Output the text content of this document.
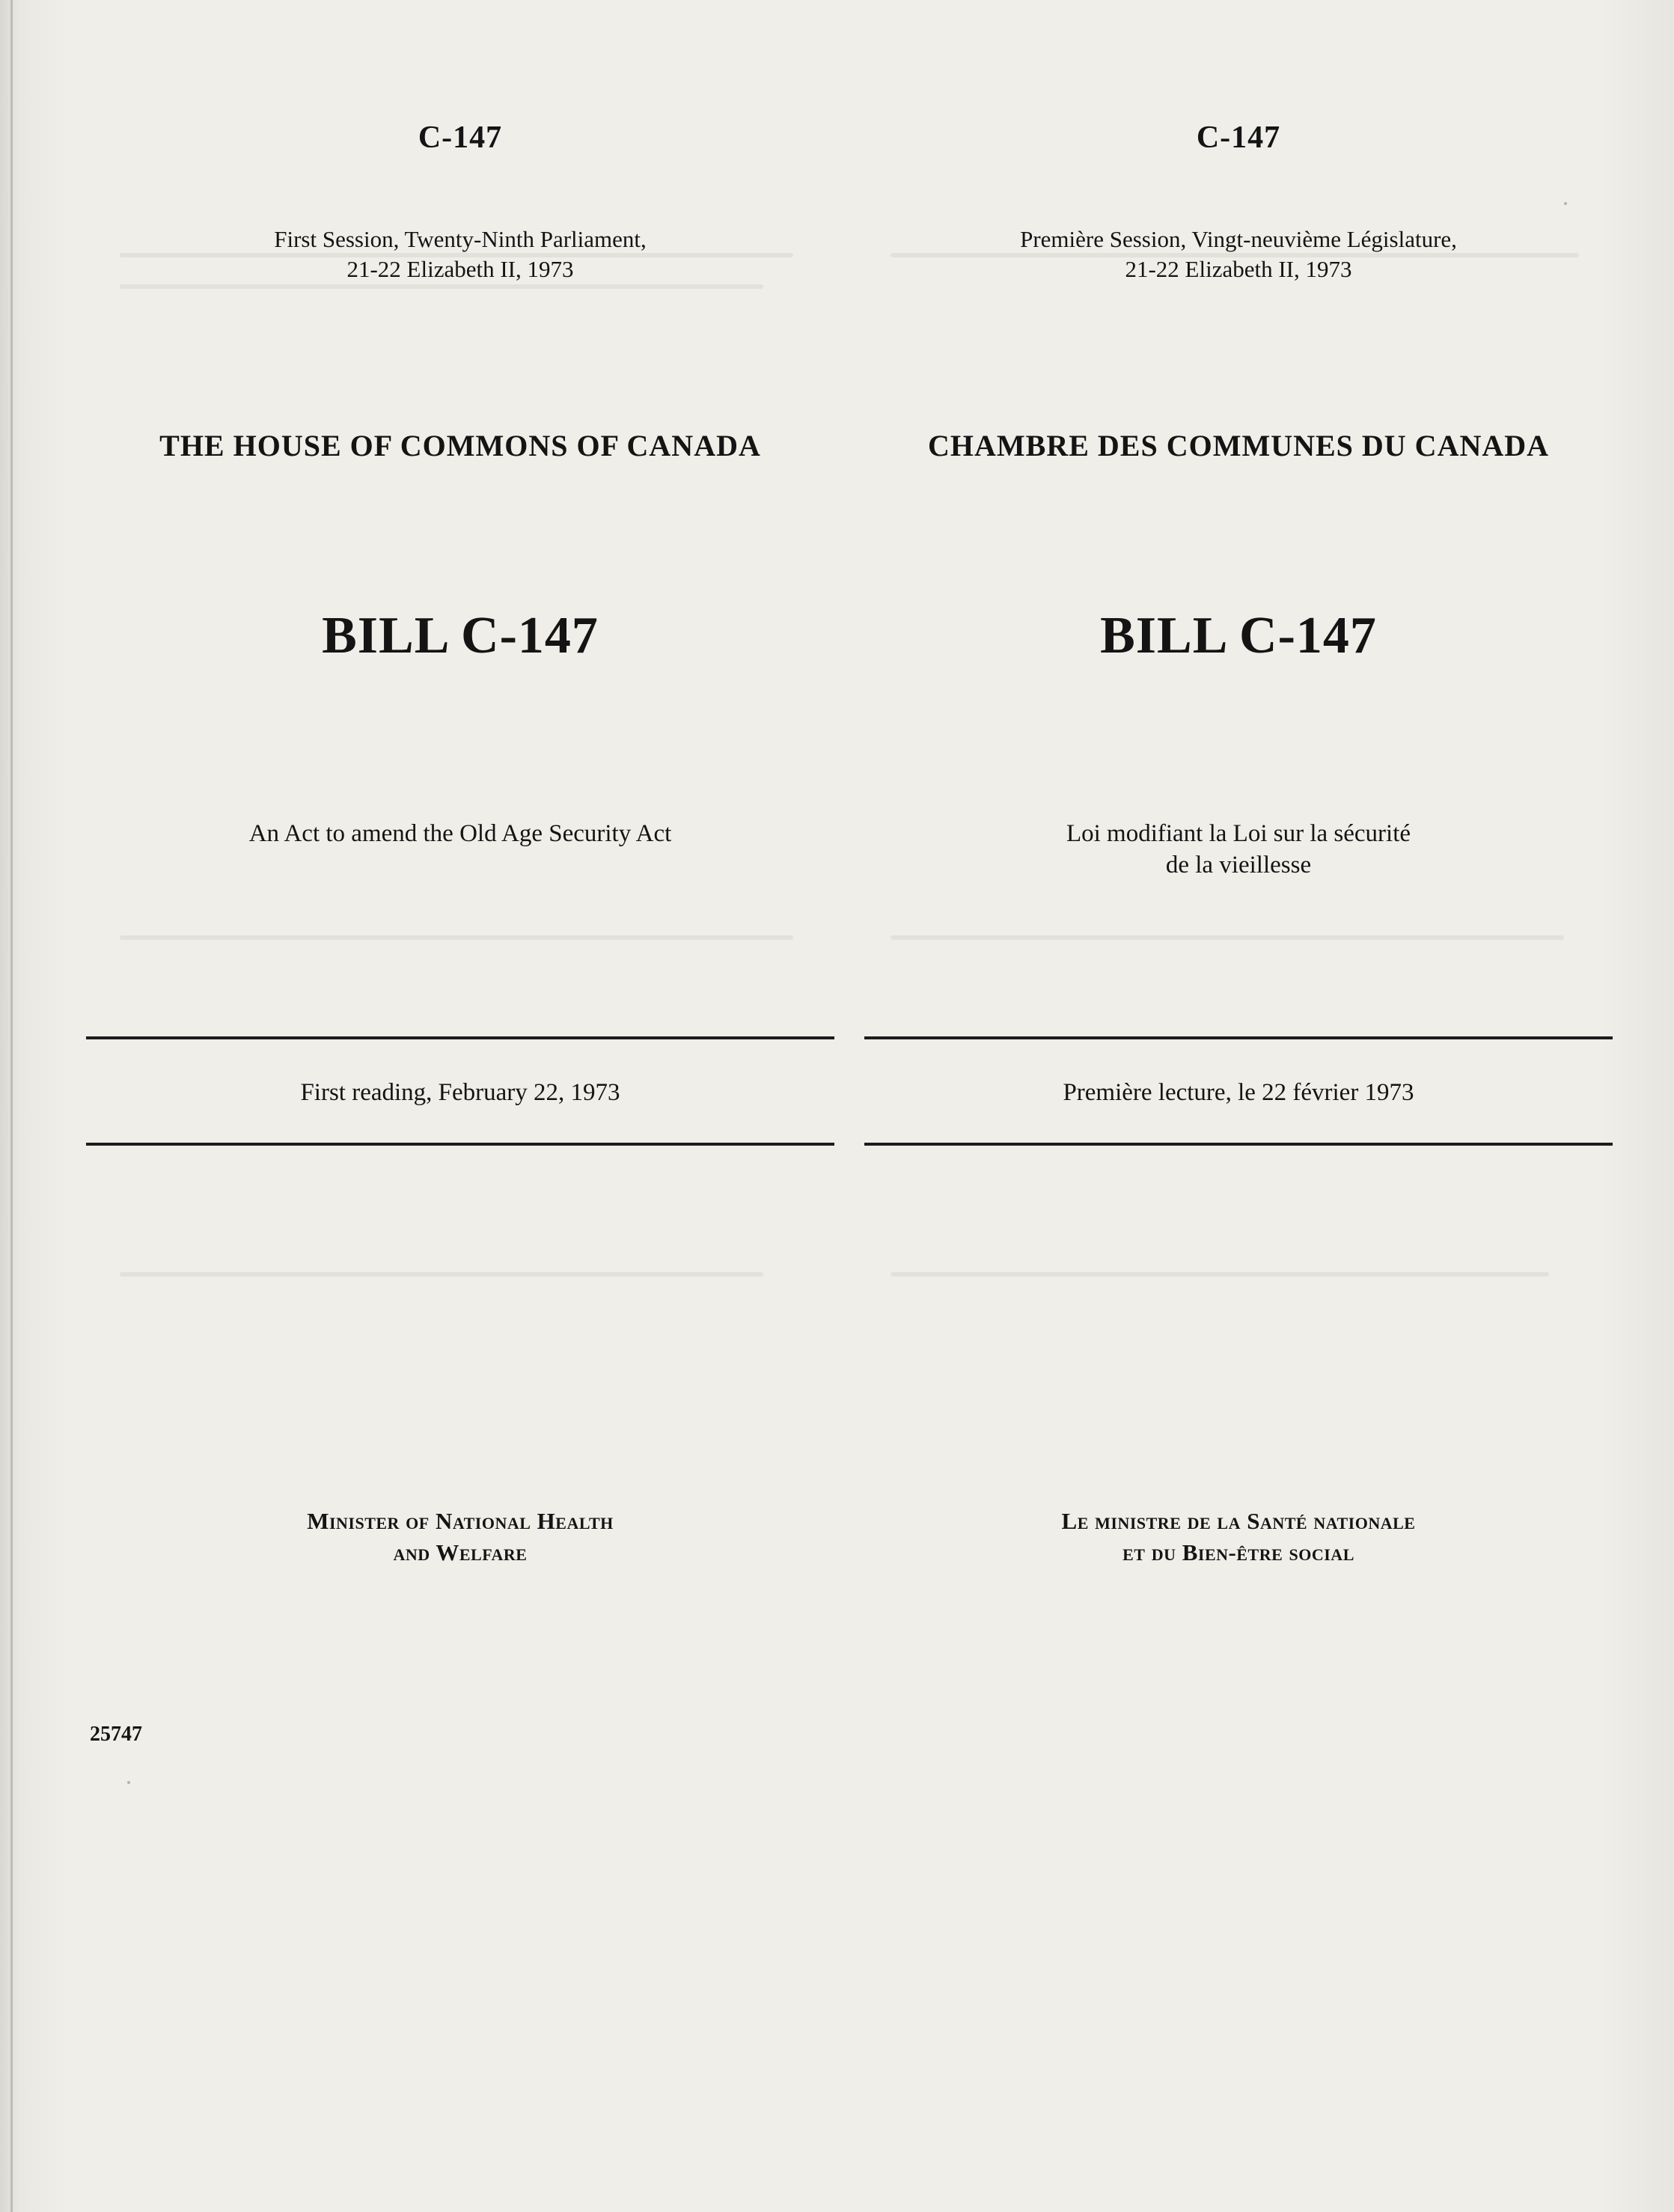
C-147
First Session, Twenty-Ninth Parliament,
21-22 Elizabeth II, 1973
THE HOUSE OF COMMONS OF CANADA
BILL C-147
An Act to amend the Old Age Security Act
First reading, February 22, 1973
Minister of National Health
and Welfare
C-147
Première Session, Vingt-neuvième Législature,
21-22 Elizabeth II, 1973
CHAMBRE DES COMMUNES DU CANADA
BILL C-147
Loi modifiant la Loi sur la sécurité
de la vieillesse
Première lecture, le 22 février 1973
Le ministre de la Santé nationale
et du Bien-être social
25747
